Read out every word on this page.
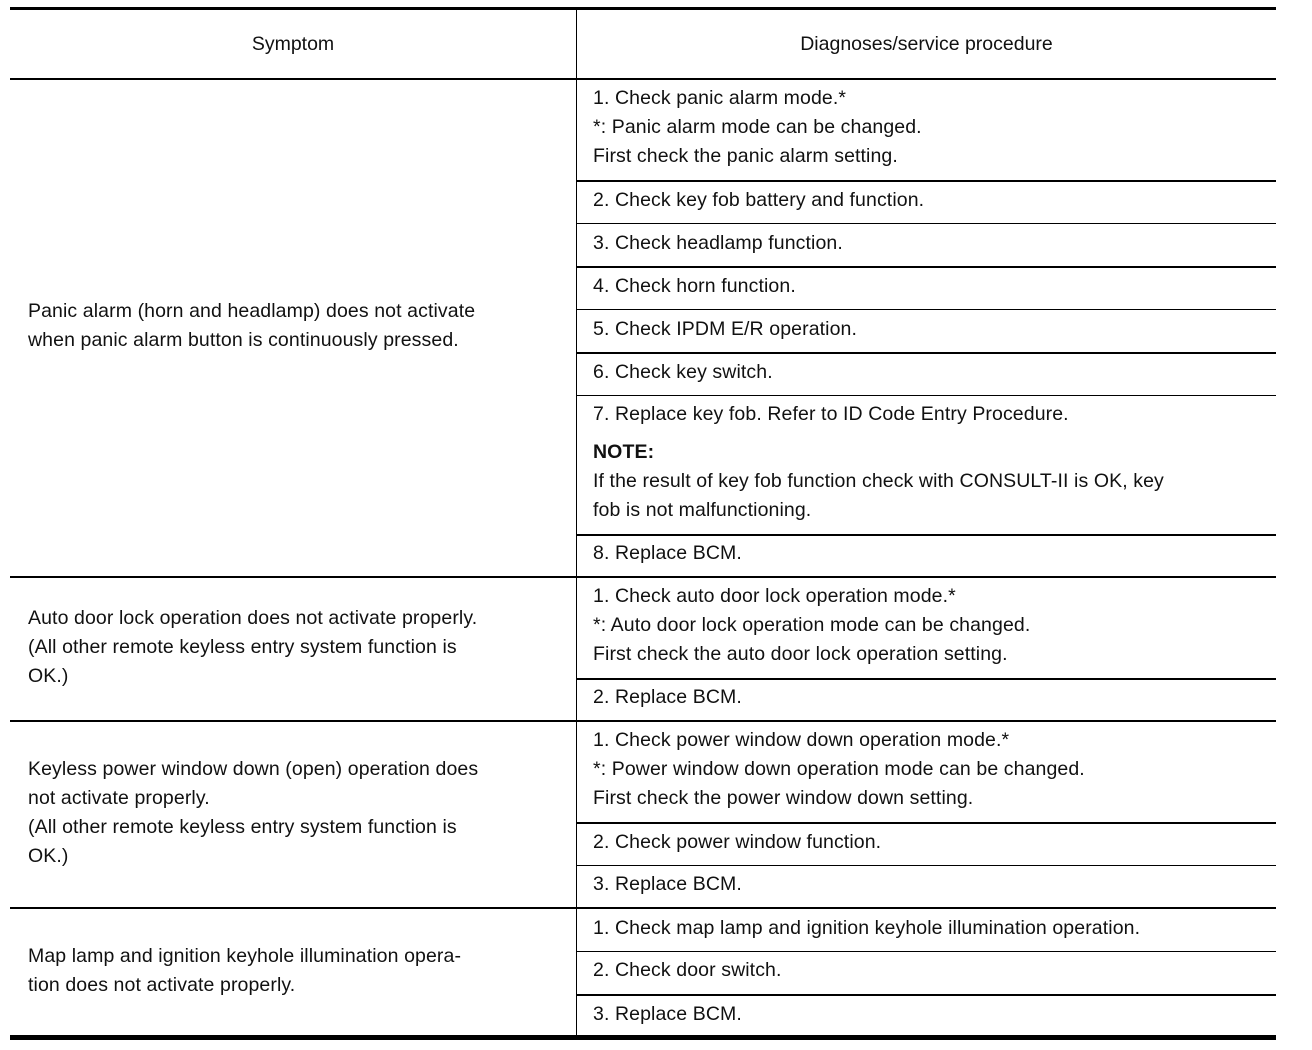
Symptom	Diagnoses/service procedure
Panic alarm (horn and headlamp) does not activate
when panic alarm button is continuously pressed.
1. Check panic alarm mode.*
*: Panic alarm mode can be changed.
First check the panic alarm setting.
2. Check key fob battery and function.
3. Check headlamp function.
4. Check horn function.
5. Check IPDM E/R operation.
6. Check key switch.
7. Replace key fob. Refer to ID Code Entry Procedure.
NOTE:
If the result of key fob function check with CONSULT-II is OK, key
fob is not malfunctioning.
8. Replace BCM.
Auto door lock operation does not activate properly.
(All other remote keyless entry system function is
OK.)
1. Check auto door lock operation mode.*
*: Auto door lock operation mode can be changed.
First check the auto door lock operation setting.
2. Replace BCM.
Keyless power window down (open) operation does
not activate properly.
(All other remote keyless entry system function is
OK.)
1. Check power window down operation mode.*
*: Power window down operation mode can be changed.
First check the power window down setting.
2. Check power window function.
3. Replace BCM.
Map lamp and ignition keyhole illumination opera-
tion does not activate properly.
1. Check map lamp and ignition keyhole illumination operation.
2. Check door switch.
3. Replace BCM.
